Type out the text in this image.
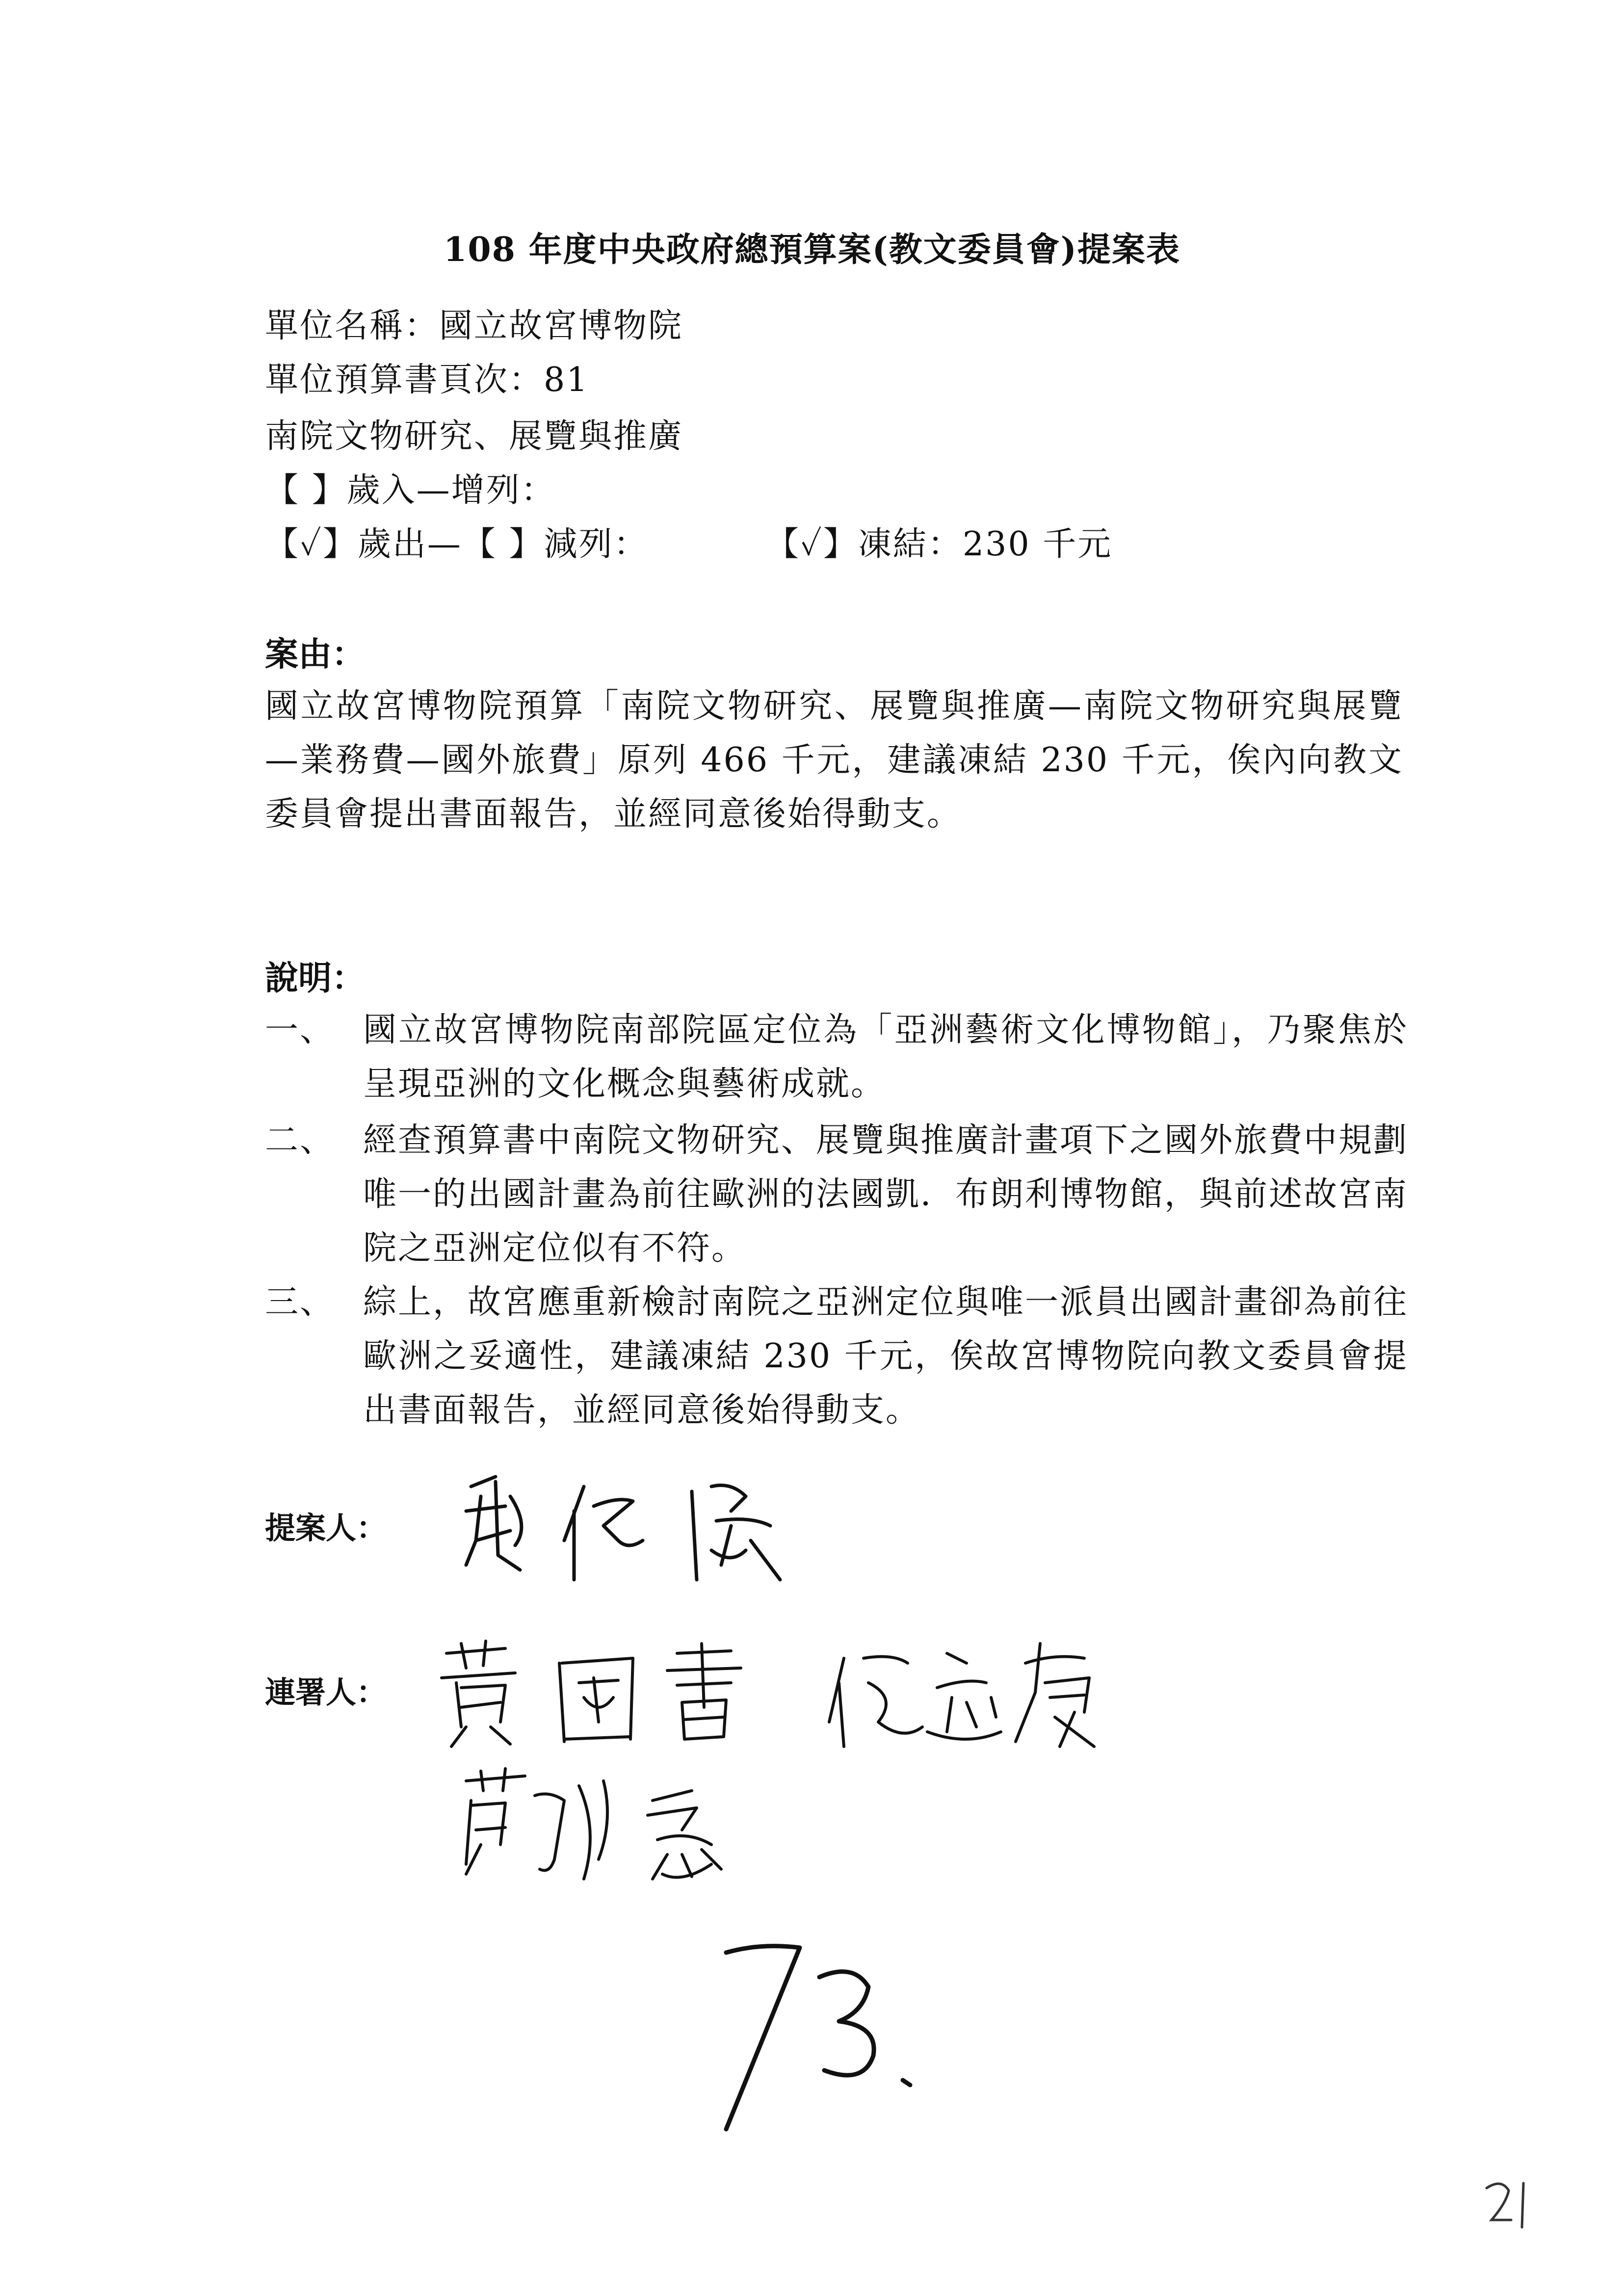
108 年度中央政府總預算案(教文委員會)提案表
單位名稱：國立故宮博物院
單位預算書頁次：81
南院文物研究、展覽與推廣
【 】歲入—增列：
【✓】歲出—【 】減列：	【✓】凍結：230 千元
案由：
國立故宮博物院預算「南院文物研究、展覽與推廣—南院文物研究與展覽—業務費—國外旅費」原列 466 千元，建議凍結 230 千元，俟內向教文委員會提出書面報告，並經同意後始得動支。
說明：
一、 國立故宮博物院南部院區定位為「亞洲藝術文化博物館」，乃聚焦於呈現亞洲的文化概念與藝術成就。
二、 經查預算書中南院文物研究、展覽與推廣計畫項下之國外旅費中規劃唯一的出國計畫為前往歐洲的法國凱．布朗利博物館，與前述故宮南院之亞洲定位似有不符。
三、 綜上，故宮應重新檢討南院之亞洲定位與唯一派員出國計畫卻為前往歐洲之妥適性，建議凍結 230 千元，俟故宮博物院向教文委員會提出書面報告，並經同意後始得動支。
提案人：
連署人：
73
21
